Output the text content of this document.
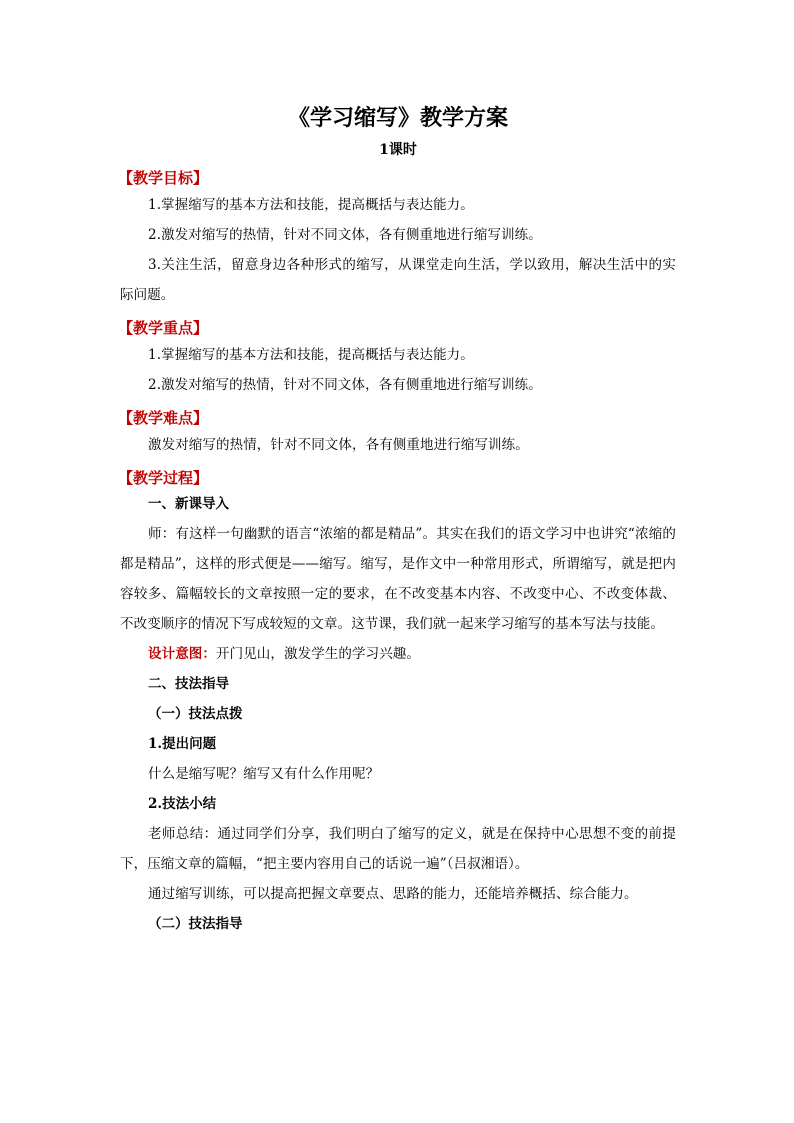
《学习缩写》教学方案

1课时

【教学目标】

1.掌握缩写的基本方法和技能，提高概括与表达能力。

2.激发对缩写的热情，针对不同文体，各有侧重地进行缩写训练。

3.关注生活，留意身边各种形式的缩写，从课堂走向生活，学以致用，解决生活中的实际问题。

【教学重点】

1.掌握缩写的基本方法和技能，提高概括与表达能力。

2.激发对缩写的热情，针对不同文体，各有侧重地进行缩写训练。

【教学难点】

激发对缩写的热情，针对不同文体，各有侧重地进行缩写训练。

【教学过程】

一、新课导入

师：有这样一句幽默的语言“浓缩的都是精品”。其实在我们的语文学习中也讲究“浓缩的都是精品”，这样的形式便是——缩写。缩写，是作文中一种常用形式，所谓缩写，就是把内容较多、篇幅较长的文章按照一定的要求，在不改变基本内容、不改变中心、不改变体裁、不改变顺序的情况下写成较短的文章。这节课，我们就一起来学习缩写的基本写法与技能。

设计意图：开门见山，激发学生的学习兴趣。

二、技法指导

（一）技法点拨

1.提出问题

什么是缩写呢？缩写又有什么作用呢？

2.技法小结

老师总结：通过同学们分享，我们明白了缩写的定义，就是在保持中心思想不变的前提下，压缩文章的篇幅，“把主要内容用自己的话说一遍”（吕叔湘语）。

通过缩写训练，可以提高把握文章要点、思路的能力，还能培养概括、综合能力。

（二）技法指导
